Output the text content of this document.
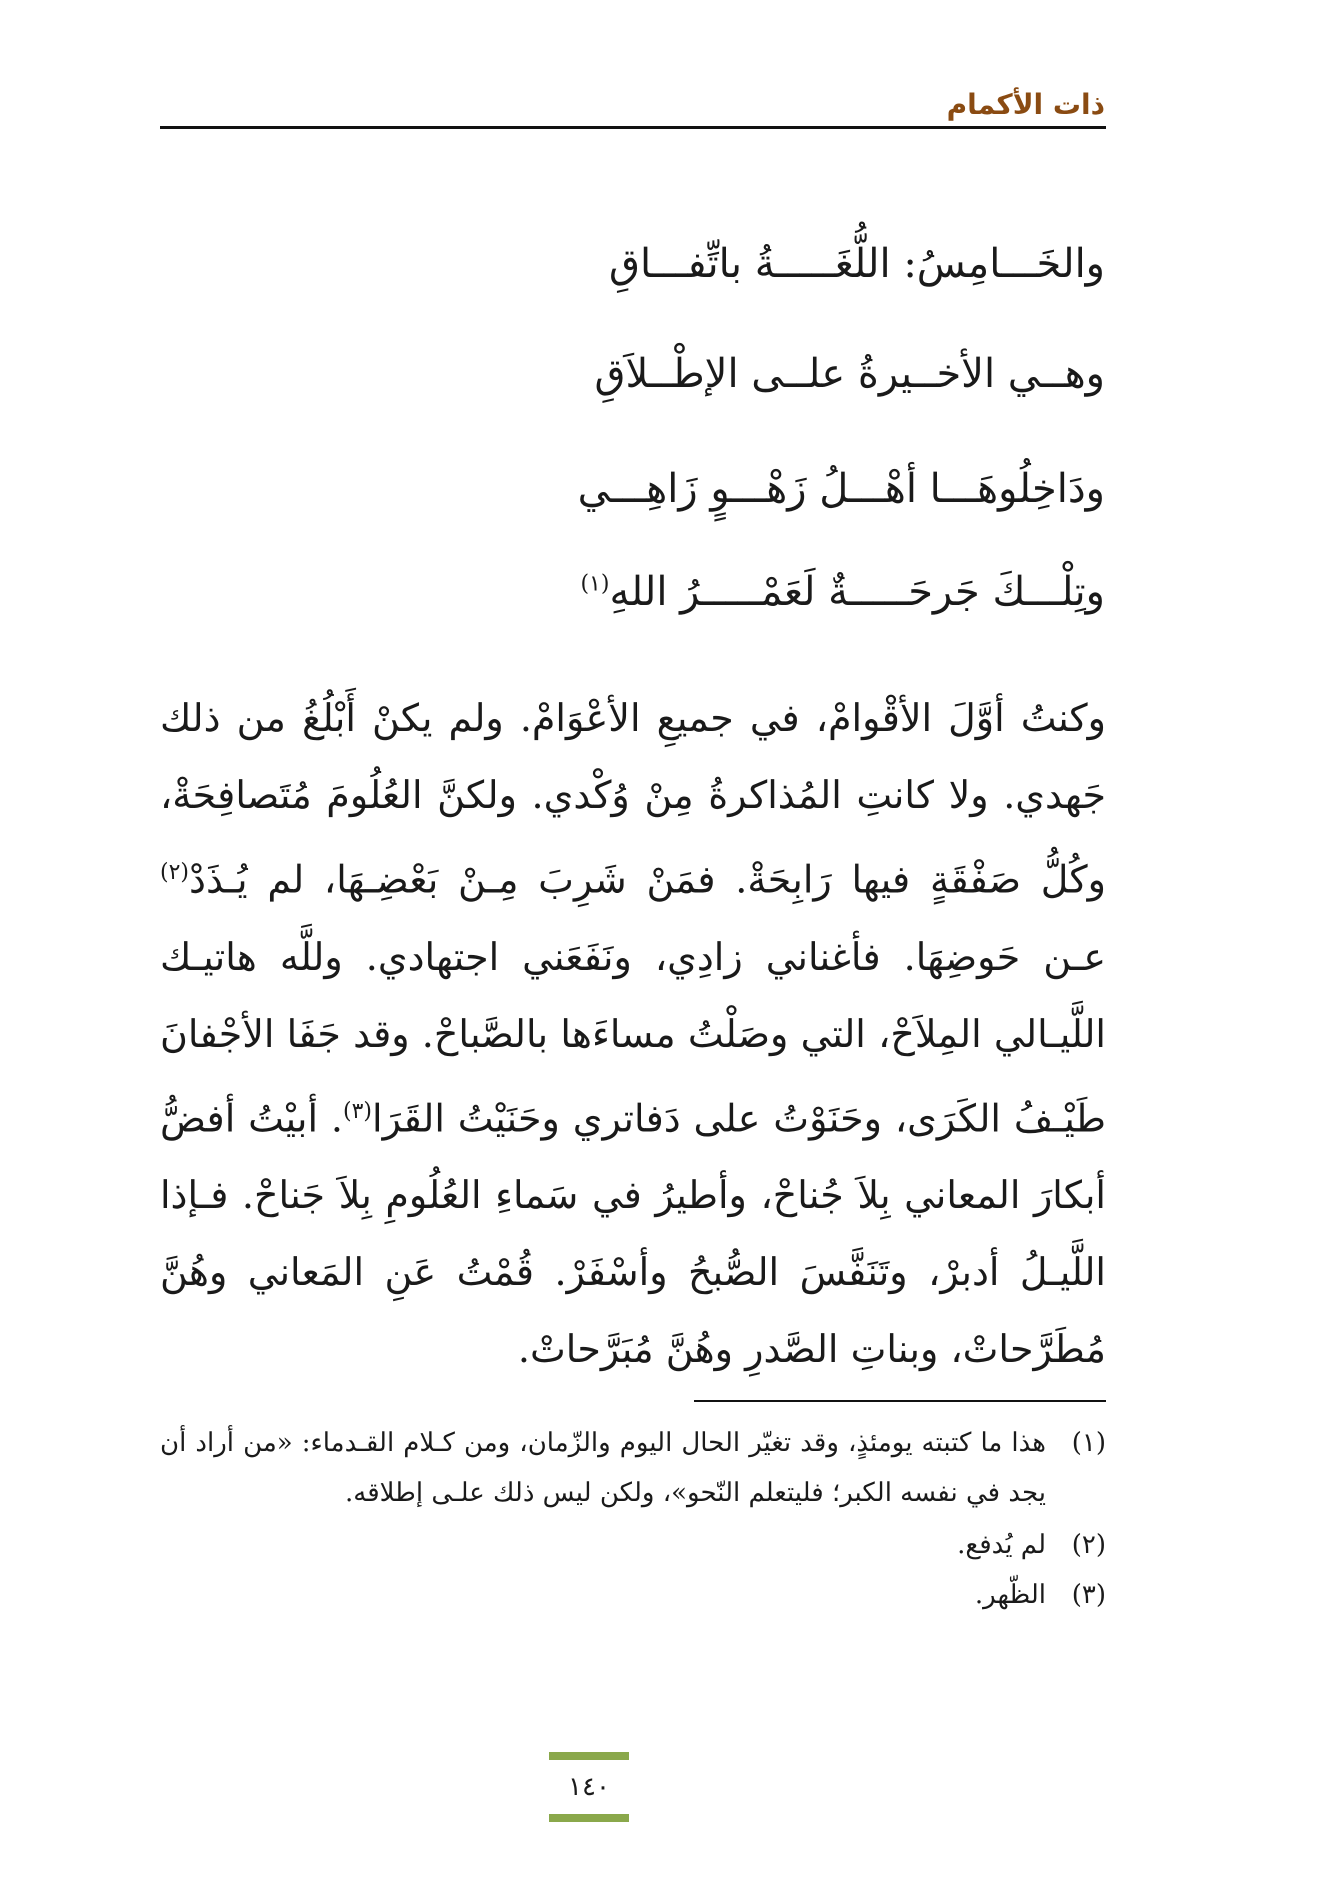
ذات الأكمام
والخَـــامِسُ: اللُّغَـــــةُ باتِّفـــاقِ
وهــي الأخــيرةُ علــى الإطْــلاَقِ
ودَاخِلُوهَـــا أهْـــلُ زَهْـــوٍ زَاهِـــي
وتِلْـــكَ جَرحَـــــةٌ لَعَمْـــــرُ اللهِ$^{(١)}$
وكنتُ أوَّلَ الأقْوامْ، في جميعِ الأعْوَامْ. ولم يكنْ أَبْلُغُ من ذلك جَهدي. ولا كانتِ المُذاكرةُ مِنْ وُكْدي. ولكنَّ العُلُومَ مُتَصافِحَةْ، وكُلُّ صَفْقَةٍ فيها رَابِحَةْ. فمَنْ شَرِبَ مِـنْ بَعْضِـهَا، لم يُـذَدْ$^{(٢)}$ عـن حَوضِهَا. فأغناني زادِي، ونَفَعَني اجتهادي. وللَّه هاتيـك اللَّيـالي المِلاَحْ، التي وصَلْتُ مساءَها بالصَّباحْ. وقد جَفَا الأجْفانَ طَيْـفُ الكَرَى، وحَنَوْتُ على دَفاتري وحَنَيْتُ القَرَا$^{(٣)}$. أبيْتُ أفضُّ أبكارَ المعاني بِلاَ جُناحْ، وأطيرُ في سَماءِ العُلُومِ بِلاَ جَناحْ. فـإذا اللَّيـلُ أدبرْ، وتَنَفَّسَ الصُّبحُ وأسْفَرْ. قُمْتُ عَنِ المَعاني وهُنَّ مُطَرَّحاتْ، وبناتِ الصَّدرِ وهُنَّ مُبَرَّحاتْ.
(١)
هذا ما كتبته يومئذٍ، وقد تغيّر الحال اليوم والزّمان، ومن كـلام القـدماء: «من أراد أن يجد في نفسه الكبر؛ فليتعلم النّحو»، ولكن ليس ذلك علـى إطلاقه.
(٢)
لم يُدفع.
(٣)
الظّهر.
١٤٠
